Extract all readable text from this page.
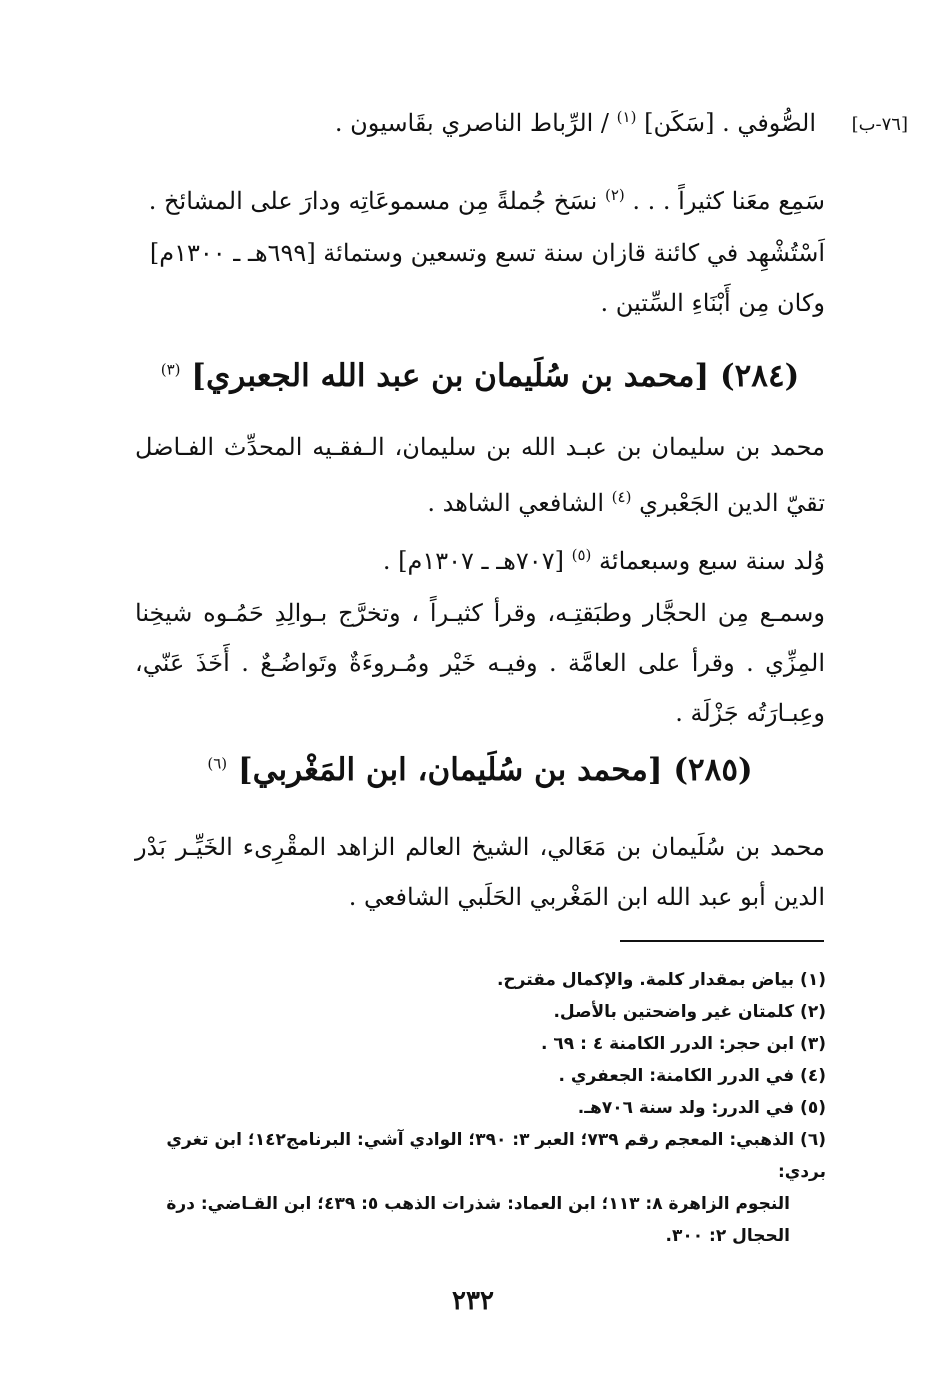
[٧٦-ب]
الصُّوفي . [سَكَن] $^{(١)}$ / الرِّباط الناصري بقَاسيون .

سَمِع معَنا كثيراً . . . $^{(٢)}$ نسَخ جُملةً مِن مسموعَاتِه ودارَ على المشائخ .

اَسْتُشْهِد في كائنة قازان سنة تسع وتسعين وستمائة [٦٩٩هـ ـ ١٣٠٠م]
وكان مِن أَبْنَاءِ السِّتين .
(٢٨٤) [محمد بن سُلَيمان بن عبد الله الجعبري] $^{(٣)}$

محمد بن سليمان بن عبـد الله بن سليمان، الـفقـيه المحدِّث الفـاضل تقيّ الدين الجَعْبري $^{(٤)}$ الشافعي الشاهد .

وُلد سنة سبع وسبعمائة $^{(٥)}$ [٧٠٧هـ ـ ١٣٠٧م] .

وسمـع مِن الحجَّار وطبَقتِـه، وقرأ كثيـراً ، وتخرَّج بـوالِدِ حَمُـوه شيخِنا المِزِّي . وقرأ على العامَّة . وفيـه خَيْر ومُـروءَةٌ وتَواضُـعٌ . أَخَذَ عَنّي، وعِبـارَتُه جَزْلَة .

(٢٨٥) [محمد بن سُلَيمان، ابن المَغْربي] $^{(٦)}$

محمد بن سُلَيمان بن مَعَالي، الشيخ العالم الزاهد المقْرِىء الخَيِّـر بَدْر الدين أبو عبد الله ابن المَغْربي الحَلَبي الشافعي .

(١) بياض بمقدار كلمة. والإكمال مقترح.

(٢) كلمتان غير واضحتين بالأصل.

(٣) ابن حجر: الدرر الكامنة ٤ : ٦٩ .

(٤) في الدرر الكامنة: الجعفري .

(٥) في الدرر: ولد سنة ٧٠٦هـ.

(٦) الذهبي: المعجم رقم ٧٣٩؛ العبر ٣: ٣٩٠؛ الوادي آشي: البرنامج١٤٢؛ ابن تغري بردي:
النجوم الزاهرة ٨: ١١٣؛ ابن العماد: شذرات الذهب ٥: ٤٣٩؛ ابن القـاضي: درة الحجال ٢: ٣٠٠.

٢٣٢
